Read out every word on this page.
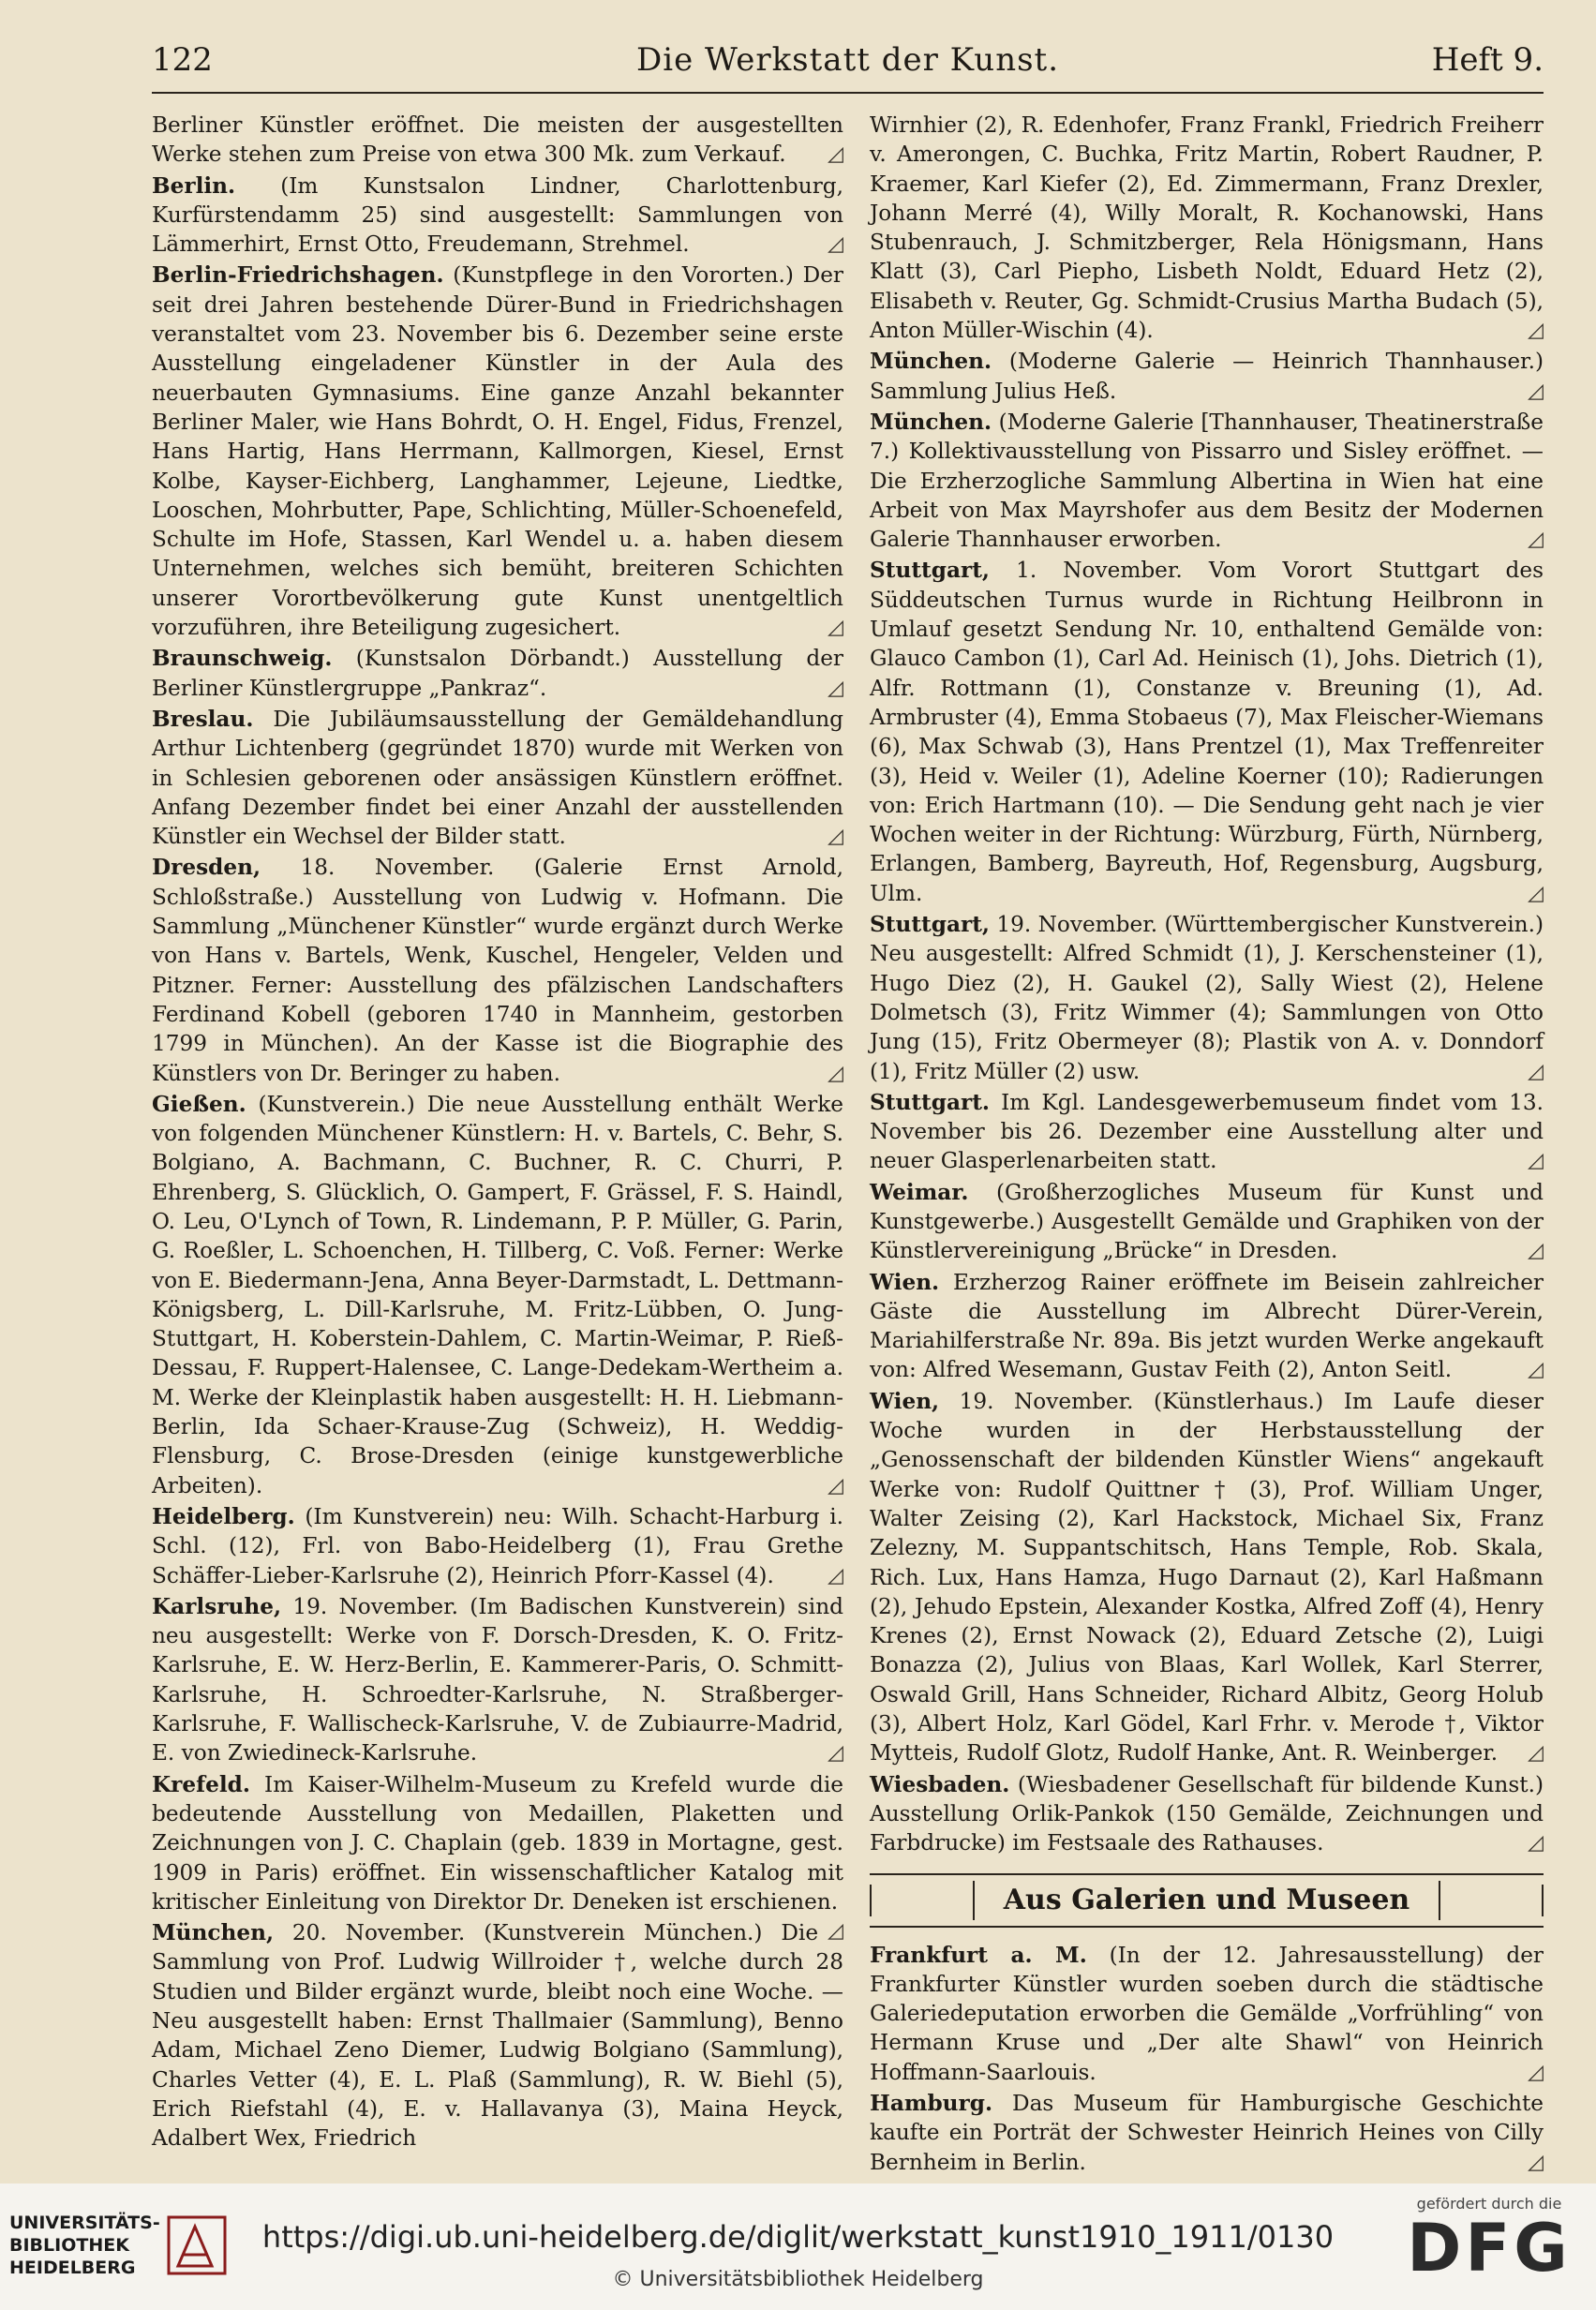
122	Die Werkstatt der Kunst.	Heft 9.

Berliner Künstler eröffnet. Die meisten der ausgestellten Werke stehen zum Preise von etwa 300 Mk. zum Verkauf. ◿

Berlin. (Im Kunstsalon Lindner, Charlottenburg, Kurfürstendamm 25) sind ausgestellt: Sammlungen von Lämmerhirt, Ernst Otto, Freudemann, Strehmel.	◿

Berlin-Friedrichshagen. (Kunstpflege in den Vororten.) Der seit drei Jahren bestehende Dürer-Bund in Friedrichshagen veranstaltet vom 23. November bis 6. Dezember seine erste Ausstellung eingeladener Künstler in der Aula des neuerbauten Gymnasiums. Eine ganze Anzahl bekannter Berliner Maler, wie Hans Bohrdt, O. H. Engel, Fidus, Frenzel, Hans Hartig, Hans Herrmann, Kallmorgen, Kiesel, Ernst Kolbe, Kayser-Eichberg, Langhammer, Lejeune, Liedtke, Looschen, Mohrbutter, Pape, Schlichting, Müller-Schoenefeld, Schulte im Hofe, Stassen, Karl Wendel u. a. haben diesem Unternehmen, welches sich bemüht, breiteren Schichten unserer Vorortbevölkerung gute Kunst unentgeltlich vorzuführen, ihre Beteiligung zugesichert.	◿

Braunschweig. (Kunstsalon Dörbandt.) Ausstellung der Berliner Künstlergruppe „Pankraz“.	◿

Breslau. Die Jubiläumsausstellung der Gemäldehandlung Arthur Lichtenberg (gegründet 1870) wurde mit Werken von in Schlesien geborenen oder ansässigen Künstlern eröffnet. Anfang Dezember findet bei einer Anzahl der ausstellenden Künstler ein Wechsel der Bilder statt.	◿

Dresden, 18. November. (Galerie Ernst Arnold, Schloßstraße.) Ausstellung von Ludwig v. Hofmann. Die Sammlung „Münchener Künstler“ wurde ergänzt durch Werke von Hans v. Bartels, Wenk, Kuschel, Hengeler, Velden und Pitzner. Ferner: Ausstellung des pfälzischen Landschafters Ferdinand Kobell (geboren 1740 in Mannheim, gestorben 1799 in München). An der Kasse ist die Biographie des Künstlers von Dr. Beringer zu haben.	◿

Gießen. (Kunstverein.) Die neue Ausstellung enthält Werke von folgenden Münchener Künstlern: H. v. Bartels, C. Behr, S. Bolgiano, A. Bachmann, C. Buchner, R. C. Churri, P. Ehrenberg, S. Glücklich, O. Gampert, F. Grässel, F. S. Haindl, O. Leu, O'Lynch of Town, R. Lindemann, P. P. Müller, G. Parin, G. Roeßler, L. Schoenchen, H. Tillberg, C. Voß. Ferner: Werke von E. Biedermann-Jena, Anna Beyer-Darmstadt, L. Dettmann-Königsberg, L. Dill-Karlsruhe, M. Fritz-Lübben, O. Jung-Stuttgart, H. Koberstein-Dahlem, C. Martin-Weimar, P. Rieß-Dessau, F. Ruppert-Halensee, C. Lange-Dedekam-Wertheim a. M. Werke der Kleinplastik haben ausgestellt: H. H. Liebmann-Berlin, Ida Schaer-Krause-Zug (Schweiz), H. Weddig-Flensburg, C. Brose-Dresden (einige kunstgewerbliche Arbeiten).	◿

Heidelberg. (Im Kunstverein) neu: Wilh. Schacht-Harburg i. Schl. (12), Frl. von Babo-Heidelberg (1), Frau Grethe Schäffer-Lieber-Karlsruhe (2), Heinrich Pforr-Kassel (4).	◿

Karlsruhe, 19. November. (Im Badischen Kunstverein) sind neu ausgestellt: Werke von F. Dorsch-Dresden, K. O. Fritz-Karlsruhe, E. W. Herz-Berlin, E. Kammerer-Paris, O. Schmitt-Karlsruhe, H. Schroedter-Karlsruhe, N. Straßberger-Karlsruhe, F. Wallischeck-Karlsruhe, V. de Zubiaurre-Madrid, E. von Zwiedineck-Karlsruhe.	◿

Krefeld. Im Kaiser-Wilhelm-Museum zu Krefeld wurde die bedeutende Ausstellung von Medaillen, Plaketten und Zeichnungen von J. C. Chaplain (geb. 1839 in Mortagne, gest. 1909 in Paris) eröffnet. Ein wissenschaftlicher Katalog mit kritischer Einleitung von Direktor Dr. Deneken ist erschienen.
◿

München, 20. November. (Kunstverein München.) Die Sammlung von Prof. Ludwig Willroider †, welche durch 28 Studien und Bilder ergänzt wurde, bleibt noch eine Woche. — Neu ausgestellt haben: Ernst Thallmaier (Sammlung), Benno Adam, Michael Zeno Diemer, Ludwig Bolgiano (Sammlung), Charles Vetter (4), E. L. Plaß (Sammlung), R. W. Biehl (5), Erich Riefstahl (4), E. v. Hallavanya (3), Maina Heyck, Adalbert Wex, Friedrich

Wirnhier (2), R. Edenhofer, Franz Frankl, Friedrich Freiherr v. Amerongen, C. Buchka, Fritz Martin, Robert Raudner, P. Kraemer, Karl Kiefer (2), Ed. Zimmermann, Franz Drexler, Johann Merré (4), Willy Moralt, R. Kochanowski, Hans Stubenrauch, J. Schmitzberger, Rela Hönigsmann, Hans Klatt (3), Carl Piepho, Lisbeth Noldt, Eduard Hetz (2), Elisabeth v. Reuter, Gg. Schmidt-Crusius Martha Budach (5), Anton Müller-Wischin (4).	◿

München. (Moderne Galerie — Heinrich Thannhauser.) Sammlung Julius Heß.	◿

München. (Moderne Galerie [Thannhauser, Theatinerstraße 7.) Kollektivausstellung von Pissarro und Sisley eröffnet. — Die Erzherzogliche Sammlung Albertina in Wien hat eine Arbeit von Max Mayrshofer aus dem Besitz der Modernen Galerie Thannhauser erworben.	◿

Stuttgart, 1. November. Vom Vorort Stuttgart des Süddeutschen Turnus wurde in Richtung Heilbronn in Umlauf gesetzt Sendung Nr. 10, enthaltend Gemälde von: Glauco Cambon (1), Carl Ad. Heinisch (1), Johs. Dietrich (1), Alfr. Rottmann (1), Constanze v. Breuning (1), Ad. Armbruster (4), Emma Stobaeus (7), Max Fleischer-Wiemans (6), Max Schwab (3), Hans Prentzel (1), Max Treffenreiter (3), Heid v. Weiler (1), Adeline Koerner (10); Radierungen von: Erich Hartmann (10). — Die Sendung geht nach je vier Wochen weiter in der Richtung: Würzburg, Fürth, Nürnberg, Erlangen, Bamberg, Bayreuth, Hof, Regensburg, Augsburg, Ulm.	◿

Stuttgart, 19. November. (Württembergischer Kunstverein.) Neu ausgestellt: Alfred Schmidt (1), J. Kerschensteiner (1), Hugo Diez (2), H. Gaukel (2), Sally Wiest (2), Helene Dolmetsch (3), Fritz Wimmer (4); Sammlungen von Otto Jung (15), Fritz Obermeyer (8); Plastik von A. v. Donndorf (1), Fritz Müller (2) usw.	◿

Stuttgart. Im Kgl. Landesgewerbemuseum findet vom 13. November bis 26. Dezember eine Ausstellung alter und neuer Glasperlenarbeiten statt.	◿

Weimar. (Großherzogliches Museum für Kunst und Kunstgewerbe.) Ausgestellt Gemälde und Graphiken von der Künstlervereinigung „Brücke“ in Dresden.	◿

Wien. Erzherzog Rainer eröffnete im Beisein zahlreicher Gäste die Ausstellung im Albrecht Dürer-Verein, Mariahilferstraße Nr. 89a. Bis jetzt wurden Werke angekauft von: Alfred Wesemann, Gustav Feith (2), Anton Seitl.	◿

Wien, 19. November. (Künstlerhaus.) Im Laufe dieser Woche wurden in der Herbstausstellung der „Genossenschaft der bildenden Künstler Wiens“ angekauft Werke von: Rudolf Quittner † (3), Prof. William Unger, Walter Zeising (2), Karl Hackstock, Michael Six, Franz Zelezny, M. Suppantschitsch, Hans Temple, Rob. Skala, Rich. Lux, Hans Hamza, Hugo Darnaut (2), Karl Haßmann (2), Jehudo Epstein, Alexander Kostka, Alfred Zoff (4), Henry Krenes (2), Ernst Nowack (2), Eduard Zetsche (2), Luigi Bonazza (2), Julius von Blaas, Karl Wollek, Karl Sterrer, Oswald Grill, Hans Schneider, Richard Albitz, Georg Holub (3), Albert Holz, Karl Gödel, Karl Frhr. v. Merode †, Viktor Mytteis, Rudolf Glotz, Rudolf Hanke, Ant. R. Weinberger. ◿

Wiesbaden. (Wiesbadener Gesellschaft für bildende Kunst.) Ausstellung Orlik-Pankok (150 Gemälde, Zeichnungen und Farbdrucke) im Festsaale des Rathauses.	◿

Aus Galerien und Museen

Frankfurt a. M. (In der 12. Jahresausstellung) der Frankfurter Künstler wurden soeben durch die städtische Galeriedeputation erworben die Gemälde „Vorfrühling“ von Hermann Kruse und „Der alte Shawl“ von Heinrich Hoffmann-Saarlouis.	◿

Hamburg. Das Museum für Hamburgische Geschichte kaufte ein Porträt der Schwester Heinrich Heines von Cilly Bernheim in Berlin.	◿

UNIVERSITÄTS-
BIBLIOTHEK
HEIDELBERG
https://digi.ub.uni-heidelberg.de/diglit/werkstatt_kunst1910_1911/0130
© Universitätsbibliothek Heidelberg
gefördert durch die
DFG
